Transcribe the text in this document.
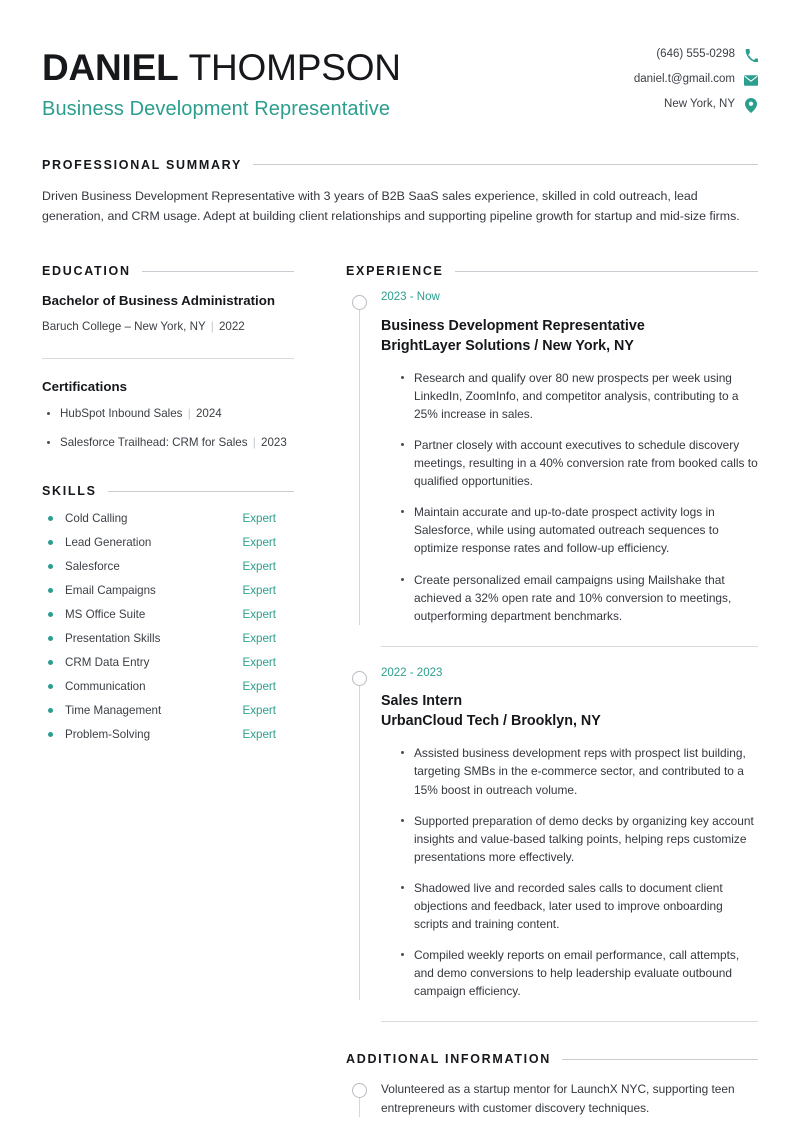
DANIEL THOMPSON
Business Development Representative
(646) 555-0298
daniel.t@gmail.com
New York, NY
PROFESSIONAL SUMMARY
Driven Business Development Representative with 3 years of B2B SaaS sales experience, skilled in cold outreach, lead generation, and CRM usage. Adept at building client relationships and supporting pipeline growth for startup and mid-size firms.
EDUCATION
Bachelor of Business Administration
Baruch College – New York, NY | 2022
Certifications
HubSpot Inbound Sales | 2024
Salesforce Trailhead: CRM for Sales | 2023
SKILLS
Cold Calling	Expert
Lead Generation	Expert
Salesforce	Expert
Email Campaigns	Expert
MS Office Suite	Expert
Presentation Skills	Expert
CRM Data Entry	Expert
Communication	Expert
Time Management	Expert
Problem-Solving	Expert
EXPERIENCE
2023 - Now
Business Development Representative
BrightLayer Solutions / New York, NY
Research and qualify over 80 new prospects per week using LinkedIn, ZoomInfo, and competitor analysis, contributing to a 25% increase in sales.
Partner closely with account executives to schedule discovery meetings, resulting in a 40% conversion rate from booked calls to qualified opportunities.
Maintain accurate and up-to-date prospect activity logs in Salesforce, while using automated outreach sequences to optimize response rates and follow-up efficiency.
Create personalized email campaigns using Mailshake that achieved a 32% open rate and 10% conversion to meetings, outperforming department benchmarks.
2022 - 2023
Sales Intern
UrbanCloud Tech / Brooklyn, NY
Assisted business development reps with prospect list building, targeting SMBs in the e-commerce sector, and contributed to a 15% boost in outreach volume.
Supported preparation of demo decks by organizing key account insights and value-based talking points, helping reps customize presentations more effectively.
Shadowed live and recorded sales calls to document client objections and feedback, later used to improve onboarding scripts and training content.
Compiled weekly reports on email performance, call attempts, and demo conversions to help leadership evaluate outbound campaign efficiency.
ADDITIONAL INFORMATION
Volunteered as a startup mentor for LaunchX NYC, supporting teen entrepreneurs with customer discovery techniques.
